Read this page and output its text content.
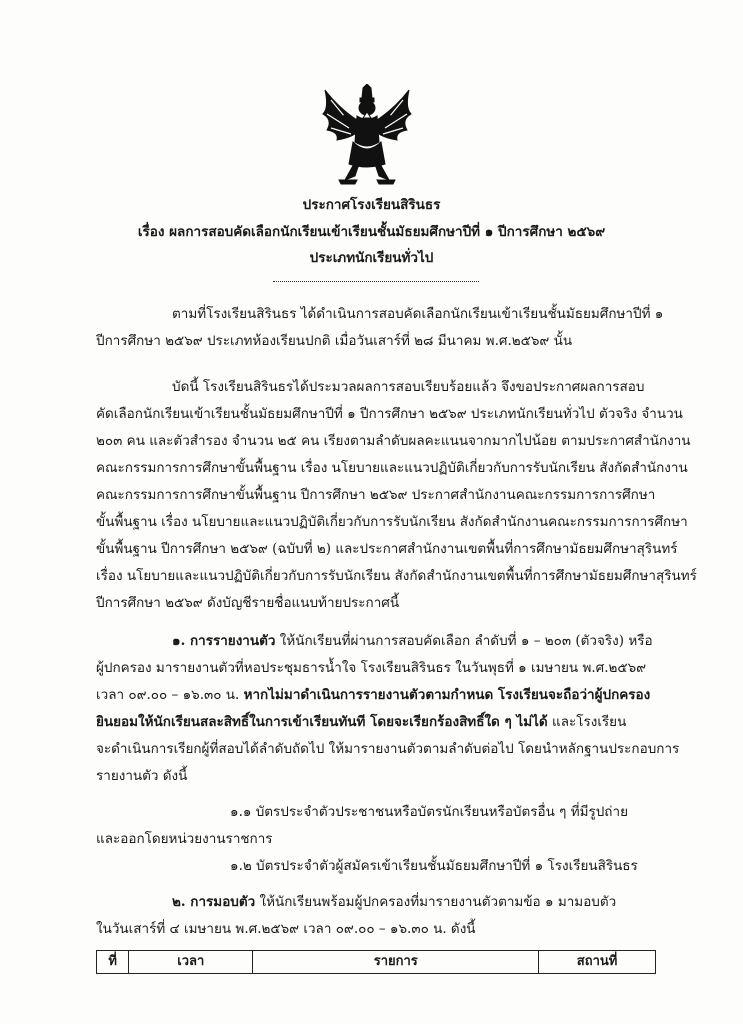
ประกาศโรงเรียนสิรินธร
เรื่อง ผลการสอบคัดเลือกนักเรียนเข้าเรียนชั้นมัธยมศึกษาปีที่ ๑ ปีการศึกษา ๒๕๖๙
ประเภทนักเรียนทั่วไป
ตามที่โรงเรียนสิรินธร ได้ดำเนินการสอบคัดเลือกนักเรียนเข้าเรียนชั้นมัธยมศึกษาปีที่ ๑
ปีการศึกษา ๒๕๖๙ ประเภทห้องเรียนปกติ เมื่อวันเสาร์ที่ ๒๘ มีนาคม พ.ศ.๒๕๖๙ นั้น
บัดนี้ โรงเรียนสิรินธรได้ประมวลผลการสอบเรียบร้อยแล้ว จึงขอประกาศผลการสอบ
คัดเลือกนักเรียนเข้าเรียนชั้นมัธยมศึกษาปีที่ ๑ ปีการศึกษา ๒๕๖๙ ประเภทนักเรียนทั่วไป ตัวจริง จำนวน
๒๐๓ คน และตัวสำรอง จำนวน ๒๕ คน เรียงตามลำดับผลคะแนนจากมากไปน้อย ตามประกาศสำนักงาน
คณะกรรมการการศึกษาขั้นพื้นฐาน เรื่อง นโยบายและแนวปฏิบัติเกี่ยวกับการรับนักเรียน สังกัดสำนักงาน
คณะกรรมการการศึกษาขั้นพื้นฐาน ปีการศึกษา ๒๕๖๙ ประกาศสำนักงานคณะกรรมการการศึกษา
ขั้นพื้นฐาน เรื่อง นโยบายและแนวปฏิบัติเกี่ยวกับการรับนักเรียน สังกัดสำนักงานคณะกรรมการการศึกษา
ขั้นพื้นฐาน ปีการศึกษา ๒๕๖๙ (ฉบับที่ ๒) และประกาศสำนักงานเขตพื้นที่การศึกษามัธยมศึกษาสุรินทร์
เรื่อง นโยบายและแนวปฏิบัติเกี่ยวกับการรับนักเรียน สังกัดสำนักงานเขตพื้นที่การศึกษามัธยมศึกษาสุรินทร์
ปีการศึกษา ๒๕๖๙ ดังบัญชีรายชื่อแนบท้ายประกาศนี้
๑. การรายงานตัว ให้นักเรียนที่ผ่านการสอบคัดเลือก ลำดับที่ ๑ – ๒๐๓ (ตัวจริง) หรือ
ผู้ปกครอง มารายงานตัวที่หอประชุมธารน้ำใจ โรงเรียนสิรินธร ในวันพุธที่ ๑ เมษายน พ.ศ.๒๕๖๙
เวลา ๐๙.๐๐ – ๑๖.๓๐ น. หากไม่มาดำเนินการรายงานตัวตามกำหนด โรงเรียนจะถือว่าผู้ปกครอง
ยินยอมให้นักเรียนสละสิทธิ์ในการเข้าเรียนทันที โดยจะเรียกร้องสิทธิ์ใด ๆ ไม่ได้ และโรงเรียน
จะดำเนินการเรียกผู้ที่สอบได้ลำดับถัดไป ให้มารายงานตัวตามลำดับต่อไป โดยนำหลักฐานประกอบการ
รายงานตัว ดังนี้
๑.๑ บัตรประจำตัวประชาชนหรือบัตรนักเรียนหรือบัตรอื่น ๆ ที่มีรูปถ่าย
และออกโดยหน่วยงานราชการ
๑.๒ บัตรประจำตัวผู้สมัครเข้าเรียนชั้นมัธยมศึกษาปีที่ ๑ โรงเรียนสิรินธร
๒. การมอบตัว ให้นักเรียนพร้อมผู้ปกครองที่มารายงานตัวตามข้อ ๑ มามอบตัว
ในวันเสาร์ที่ ๔ เมษายน พ.ศ.๒๕๖๙ เวลา ๐๙.๐๐ – ๑๖.๓๐ น. ดังนี้
ที่	เวลา	รายการ	สถานที่
